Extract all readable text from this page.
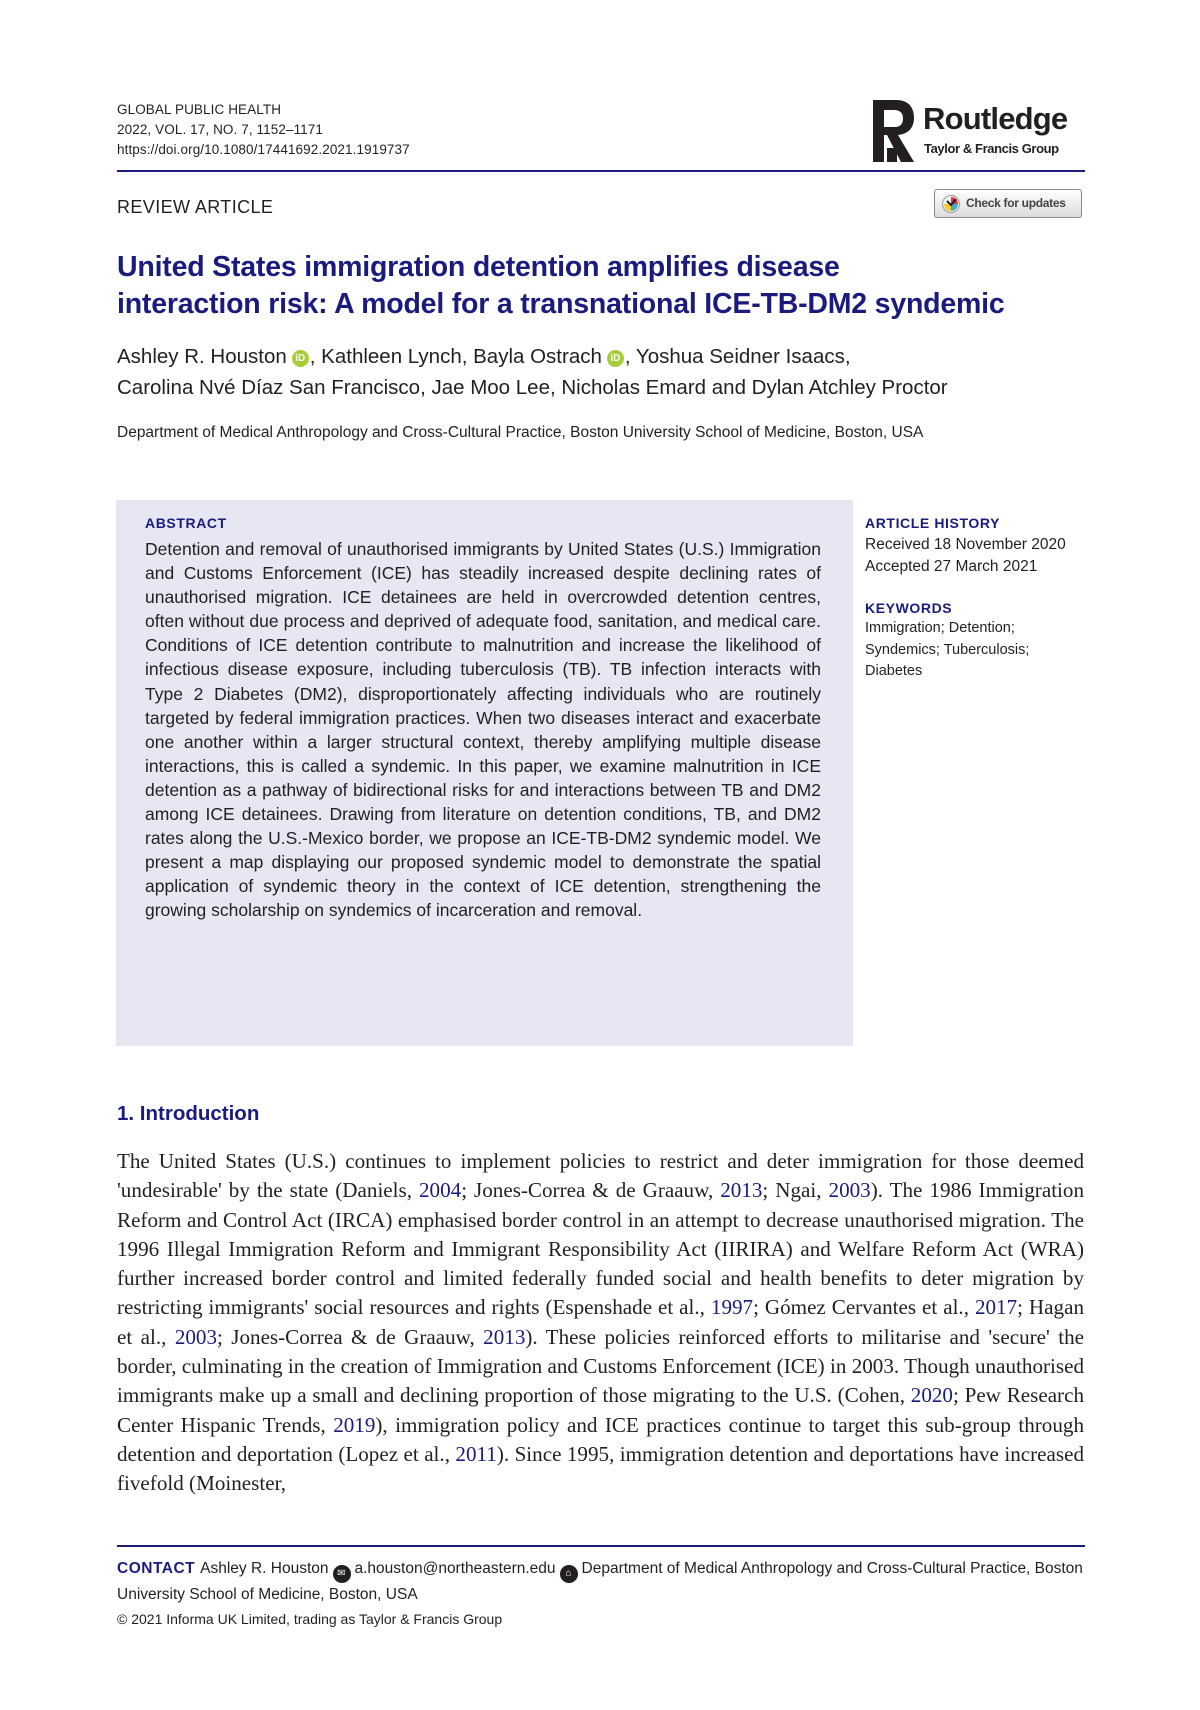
GLOBAL PUBLIC HEALTH
2022, VOL. 17, NO. 7, 1152–1171
https://doi.org/10.1080/17441692.2021.1919737
Routledge
Taylor & Francis Group
REVIEW ARTICLE	Check for updates
United States immigration detention amplifies disease
interaction risk: A model for a transnational ICE-TB-DM2 syndemic
Ashley R. Houston iD , Kathleen Lynch, Bayla Ostrach iD , Yoshua Seidner Isaacs,
Carolina Nvé Díaz San Francisco, Jae Moo Lee, Nicholas Emard and Dylan Atchley Proctor
Department of Medical Anthropology and Cross-Cultural Practice, Boston University School of Medicine, Boston, USA
ABSTRACT
Detention and removal of unauthorised immigrants by United States (U.S.) Immigration and Customs Enforcement (ICE) has steadily increased despite declining rates of unauthorised migration. ICE detainees are held in overcrowded detention centres, often without due process and deprived of adequate food, sanitation, and medical care. Conditions of ICE detention contribute to malnutrition and increase the likelihood of infectious disease exposure, including tuberculosis (TB). TB infection interacts with Type 2 Diabetes (DM2), disproportionately affecting individuals who are routinely targeted by federal immigration practices. When two diseases interact and exacerbate one another within a larger structural context, thereby amplifying multiple disease interactions, this is called a syndemic. In this paper, we examine malnutrition in ICE detention as a pathway of bidirectional risks for and interactions between TB and DM2 among ICE detainees. Drawing from literature on detention conditions, TB, and DM2 rates along the U.S.-Mexico border, we propose an ICE-TB-DM2 syndemic model. We present a map displaying our proposed syndemic model to demonstrate the spatial application of syndemic theory in the context of ICE detention, strengthening the growing scholarship on syndemics of incarceration and removal.
ARTICLE HISTORY
Received 18 November 2020
Accepted 27 March 2021
KEYWORDS
Immigration; Detention;
Syndemics; Tuberculosis;
Diabetes
1. Introduction

The United States (U.S.) continues to implement policies to restrict and deter immigration for those deemed 'undesirable' by the state (Daniels, 2004; Jones-Correa & de Graauw, 2013; Ngai, 2003). The 1986 Immigration Reform and Control Act (IRCA) emphasised border control in an attempt to decrease unauthorised migration. The 1996 Illegal Immigration Reform and Immigrant Responsibility Act (IIRIRA) and Welfare Reform Act (WRA) further increased border control and limited federally funded social and health benefits to deter migration by restricting immigrants' social resources and rights (Espenshade et al., 1997; Gómez Cervantes et al., 2017; Hagan et al., 2003; Jones-Correa & de Graauw, 2013). These policies reinforced efforts to militarise and 'secure' the border, culminating in the creation of Immigration and Customs Enforcement (ICE) in 2003. Though unauthorised immigrants make up a small and declining proportion of those migrating to the U.S. (Cohen, 2020; Pew Research Center Hispanic Trends, 2019), immigration policy and ICE practices continue to target this sub-group through detention and deportation (Lopez et al., 2011). Since 1995, immigration detention and deportations have increased fivefold (Moinester,

CONTACT Ashley R. Houston ✉ a.houston@northeastern.edu ⌂ Department of Medical Anthropology and Cross-Cultural Practice, Boston University School of Medicine, Boston, USA
© 2021 Informa UK Limited, trading as Taylor & Francis Group
